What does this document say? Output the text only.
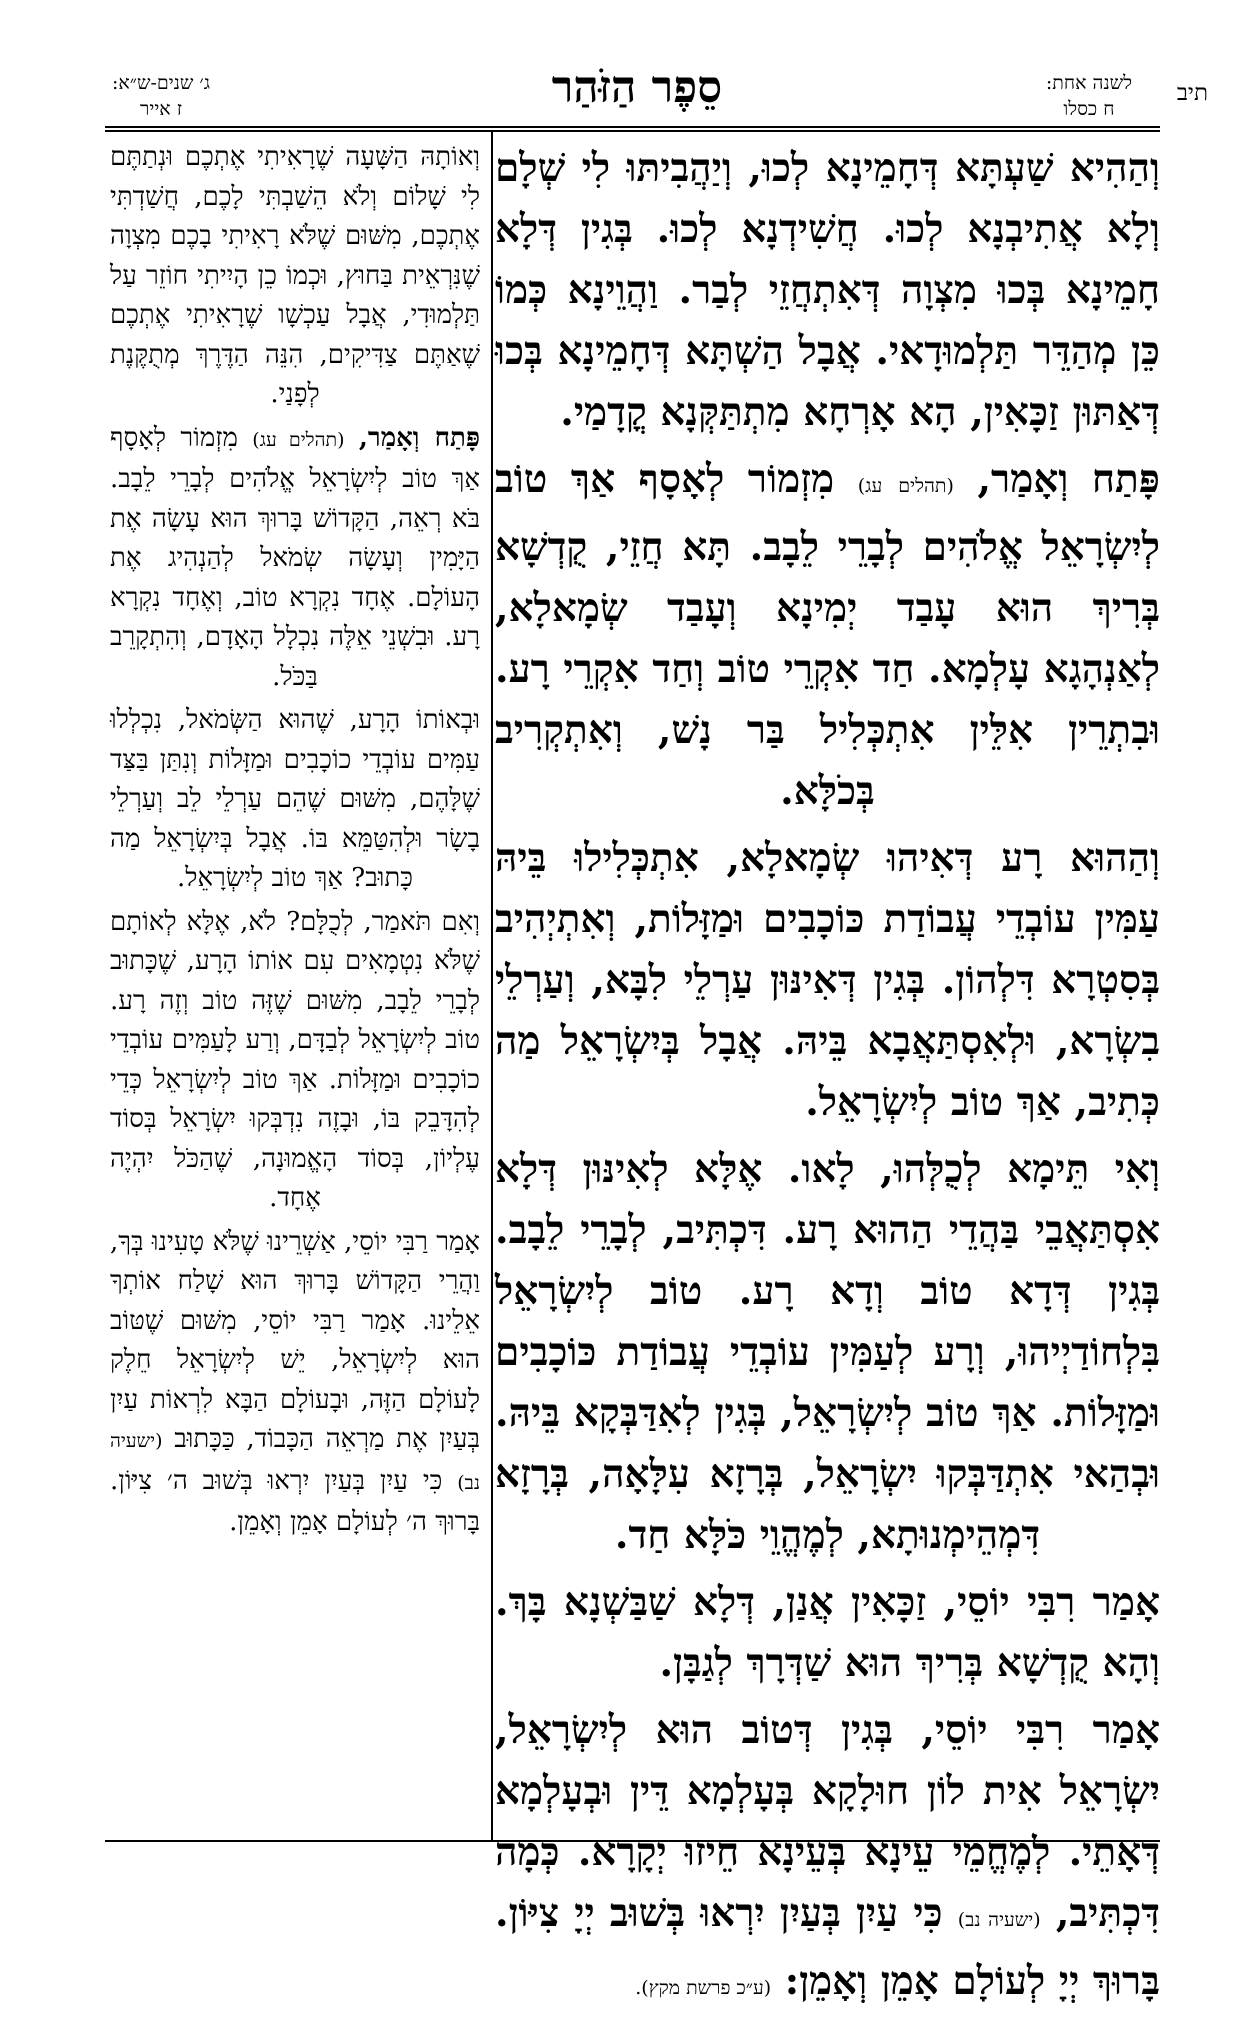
תיב
לשנה אחת:
ח כסלו
סֵפֶר הַזֹּהַר
ג׳ שנים-ש״א:
ז אייר

וְהַהִיא שַׁעְתָּא דְּחָמֵינָא לְכוּ, וְיַהֲבִיתּוּ לִי שְׁלָם וְלָא אֲתִיבְנָא לְכוּ. חֲשִׁידְנָא לְכוּ. בְּגִין דְּלָא חָמֵינָא בְּכוּ מִצְוָה דְּאִתְחֲזֵי לְבַר. וַהֲוֵינָא כְּמוֹ כֵּן מְהַדֵּר תַּלְמוּדָאי. אֲבָל הַשְׁתָּא דְּחָמֵינָא בְּכוּ דְּאַתּוּן זַכָּאִין, הָא אָרְחָא מִתְתַּקְּנָא קֳדָמַי.

פָּתַח וְאָמַר, (תהלים עג) מִזְמוֹר לְאָסָף אַךְ טוֹב לְיִשְׂרָאֵל אֱלֹהִים לְבָרֵי לֵבָב. תָּא חֲזֵי, קֻדְשָׁא בְּרִיךְ הוּא עָבַד יְמִינָא וְעָבַד שְׂמָאלָא, לְאַנְהָגָא עָלְמָא. חַד אִקְרֵי טוֹב וְחַד אִקְרֵי רָע. וּבִתְרֵין אִלֵּין אִתְכְּלִיל בַּר נָשׁ, וְאִתְקְרִיב בְּכֹלָּא.

וְהַהוּא רָע דְּאִיהוּ שְׂמָאלָא, אִתְכְּלִילוּ בֵּיהּ עַמִּין עוֹבְדֵי עֲבוֹדַת כּוֹכָבִים וּמַזָּלוֹת, וְאִתְיְהִיב בְּסִטְרָא דִּלְהוֹן. בְּגִין דְּאִינּוּן עַרְלֵי לִבָּא, וְעַרְלֵי בִשְׂרָא, וּלְאִסְתַּאֲבָא בֵּיהּ. אֲבָל בְּיִשְׂרָאֵל מַה כְּתִיב, אַךְ טוֹב לְיִשְׂרָאֵל.

וְאִי תֵּימָא לְכֻלְּהוּ, לָאו. אֶלָּא לְאִינּוּן דְּלָא אִסְתַּאֲבֵי בַּהֲדֵי הַהוּא רָע. דִּכְתִּיב, לְבָרֵי לֵבָב. בְּגִין דְּדָא טוֹב וְדָא רָע. טוֹב לְיִשְׂרָאֵל בִּלְחוֹדַיְיהוּ, וְרָע לְעַמִּין עוֹבְדֵי עֲבוֹדַת כּוֹכָבִים וּמַזָּלוֹת. אַךְ טוֹב לְיִשְׂרָאֵל, בְּגִין לְאִדַּבְּקָא בֵּיהּ. וּבְהַאי אִתְדַּבְּקוּ יִשְׂרָאֵל, בְּרָזָא עִלָּאָה, בְּרָזָא דִּמְהֵימְנוּתָא, לְמֶהֱוֵי כֹּלָּא חַד.

אָמַר רִבִּי יוֹסֵי, זַכָּאִין אֲנַן, דְּלָא שַׁבַּשְׁנָא בָּךְ. וְהָא קֻדְשָׁא בְּרִיךְ הוּא שַׁדְּרָךְ לְגַבָּן.

אָמַר רִבִּי יוֹסֵי, בְּגִין דְּטוֹב הוּא לְיִשְׂרָאֵל, יִשְׂרָאֵל אִית לוֹן חוּלָקָא בְּעָלְמָא דֵּין וּבְעָלְמָא דְּאָתֵי. לְמֶחֱמֵי עֵינָא בְּעֵינָא חֵיזוּ יְקָרָא. כְּמָה דִּכְתִּיב, (ישעיה נב) כִּי עַיִן בְּעַיִן יִרְאוּ בְּשׁוּב יְיָ צִיּוֹן. בָּרוּךְ יְיָ לְעוֹלָם אָמֵן וְאָמֵן: (ע״כ פרשת מקץ).

וְאוֹתָהּ הַשָּׁעָה שֶׁרָאִיתִי אֶתְכֶם וּנְתַתֶּם לִי שָׁלוֹם וְלֹא הֵשַׁבְתִּי לָכֶם, חֲשַׁדְתִּי אֶתְכֶם, מִשּׁוּם שֶׁלֹּא רָאִיתִי בָכֶם מִצְוָה שֶׁנִּרְאֵית בַּחוּץ, וּכְמוֹ כֵן הָיִיתִי חוֹזֵר עַל תַּלְמוּדִי, אֲבָל עַכְשָׁו שֶׁרָאִיתִי אֶתְכֶם שֶׁאַתֶּם צַדִּיקִים, הִנֵּה הַדֶּרֶךְ מְתֻקֶּנֶת לְפָנַי.

פָּתַח וְאָמַר, (תהלים עג) מִזְמוֹר לְאָסָף אַךְ טוֹב לְיִשְׂרָאֵל אֱלֹהִים לְבָרֵי לֵבָב. בֹּא רְאֵה, הַקָּדוֹשׁ בָּרוּךְ הוּא עָשָׂה אֶת הַיָּמִין וְעָשָׂה שְׂמֹאל לְהַנְהִיג אֶת הָעוֹלָם. אֶחָד נִקְרָא טוֹב, וְאֶחָד נִקְרָא רָע. וּבִשְׁנֵי אֵלֶּה נִכְלָל הָאָדָם, וְהִתְקָרֵב בַּכֹּל.

וּבְאוֹתוֹ הָרָע, שֶׁהוּא הַשְּׂמֹאל, נִכְלְלוּ עַמִּים עוֹבְדֵי כוֹכָבִים וּמַזָּלוֹת וְנִתַּן בַּצַּד שֶׁלָּהֶם, מִשּׁוּם שֶׁהֵם עַרְלֵי לֵב וְעַרְלֵי בָשָׂר וּלְהִטַּמֵּא בּוֹ. אֲבָל בְּיִשְׂרָאֵל מַה כָּתוּב? אַךְ טוֹב לְיִשְׂרָאֵל.

וְאִם תֹּאמַר, לְכֻלָּם? לֹא, אֶלָּא לְאוֹתָם שֶׁלֹּא נִטְמָאִים עִם אוֹתוֹ הָרָע, שֶׁכָּתוּב לְבָרֵי לֵבָב, מִשּׁוּם שֶׁזֶּה טוֹב וְזֶה רָע. טוֹב לְיִשְׂרָאֵל לְבַדָּם, וְרַע לָעַמִּים עוֹבְדֵי כוֹכָבִים וּמַזָּלוֹת. אַךְ טוֹב לְיִשְׂרָאֵל כְּדֵי לְהִדָּבֵק בּוֹ, וּבָזֶה נִדְבְּקוּ יִשְׂרָאֵל בְּסוֹד עֶלְיוֹן, בְּסוֹד הָאֱמוּנָה, שֶׁהַכֹּל יִהְיֶה אֶחָד.

אָמַר רַבִּי יוֹסֵי, אַשְׁרֵינוּ שֶׁלֹּא טָעִינוּ בְּךָ, וַהֲרֵי הַקָּדוֹשׁ בָּרוּךְ הוּא שָׁלַח אוֹתְךָ אֵלֵינוּ. אָמַר רַבִּי יוֹסֵי, מִשּׁוּם שֶׁטּוֹב הוּא לְיִשְׂרָאֵל, יֵשׁ לְיִשְׂרָאֵל חֵלֶק לָעוֹלָם הַזֶּה, וּבָעוֹלָם הַבָּא לִרְאוֹת עַיִן בְּעַיִן אֶת מַרְאֵה הַכָּבוֹד, כַּכָּתוּב (ישעיה נב) כִּי עַיִן בְּעַיִן יִרְאוּ בְּשׁוּב ה׳ צִיּוֹן. בָּרוּךְ ה׳ לְעוֹלָם אָמֵן וְאָמֵן.
